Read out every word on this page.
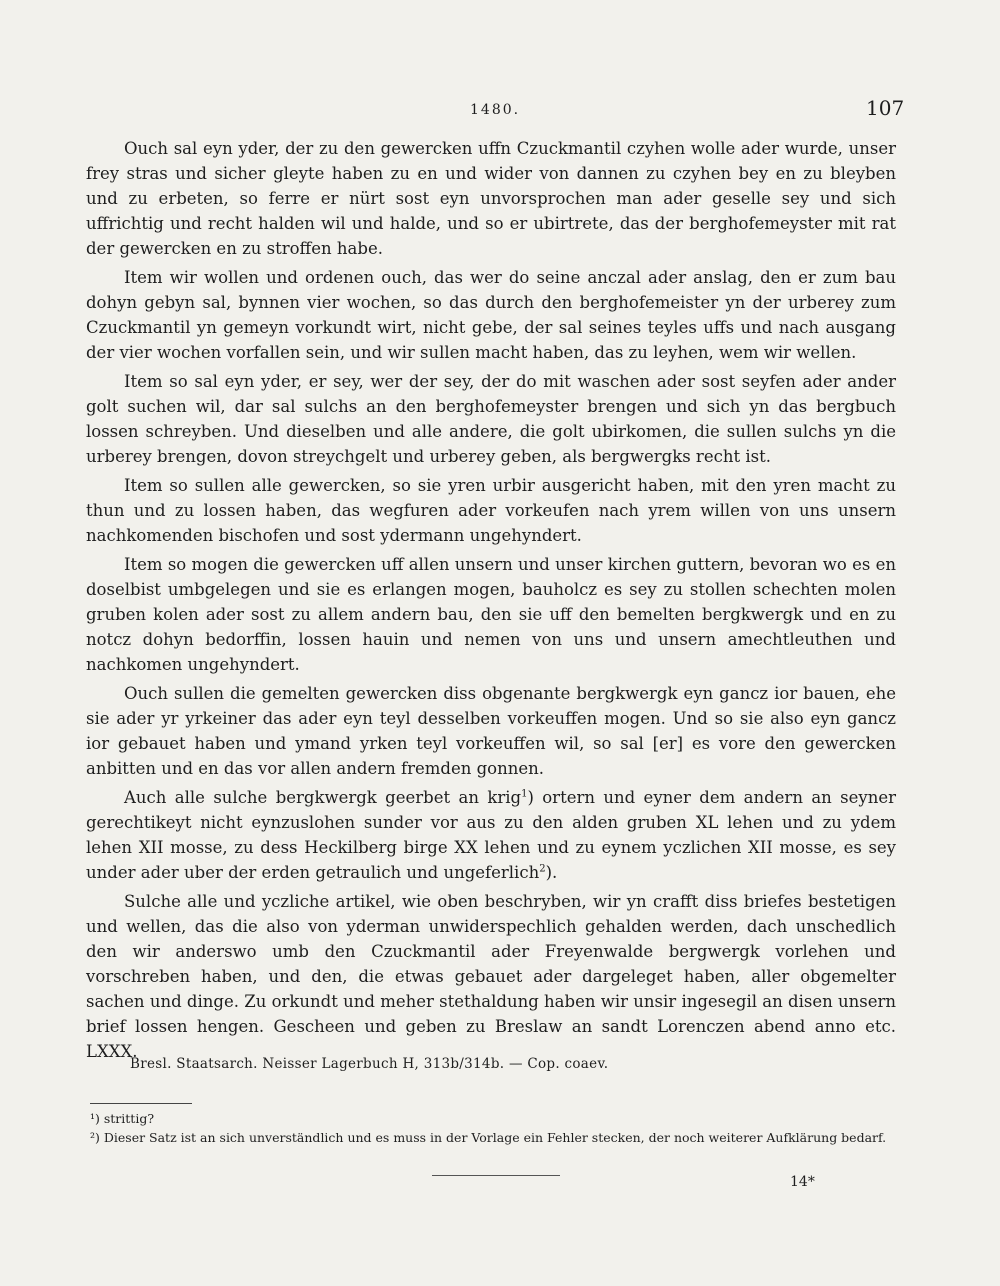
1480.	107

Ouch sal eyn yder, der zu den gewercken uffn Czuckmantil czyhen wolle ader wurde, unser frey stras und sicher gleyte haben zu en und wider von dannen zu czyhen bey en zu bleyben und zu erbeten, so ferre er nürt sost eyn unvorsprochen man ader geselle sey und sich uffrichtig und recht halden wil und halde, und so er ubirtrete, das der berghofemeyster mit rat der gewercken en zu stroffen habe.

Item wir wollen und ordenen ouch, das wer do seine anczal ader anslag, den er zum bau dohyn gebyn sal, bynnen vier wochen, so das durch den berghofemeister yn der urberey zum Czuckmantil yn gemeyn vorkundt wirt, nicht gebe, der sal seines teyles uffs und nach ausgang der vier wochen vorfallen sein, und wir sullen macht haben, das zu leyhen, wem wir wellen.

Item so sal eyn yder, er sey, wer der sey, der do mit waschen ader sost seyfen ader ander golt suchen wil, dar sal sulchs an den berghofemeyster brengen und sich yn das bergbuch lossen schreyben. Und dieselben und alle andere, die golt ubirkomen, die sullen sulchs yn die urberey brengen, dovon streychgelt und urberey geben, als bergwergks recht ist.

Item so sullen alle gewercken, so sie yren urbir ausgericht haben, mit den yren macht zu thun und zu lossen haben, das wegfuren ader vorkeufen nach yrem willen von uns unsern nachkomenden bischofen und sost ydermann ungehyndert.

Item so mogen die gewercken uff allen unsern und unser kirchen guttern, bevoran wo es en doselbist umbgelegen und sie es erlangen mogen, bauholcz es sey zu stollen schechten molen gruben kolen ader sost zu allem andern bau, den sie uff den bemelten bergkwergk und en zu notcz dohyn bedorffin, lossen hauin und nemen von uns und unsern amechtleuthen und nachkomen ungehyndert.

Ouch sullen die gemelten gewercken diss obgenante bergkwergk eyn gancz ior bauen, ehe sie ader yr yrkeiner das ader eyn teyl desselben vorkeuffen mogen. Und so sie also eyn gancz ior gebauet haben und ymand yrken teyl vorkeuffen wil, so sal [er] es vore den gewercken anbitten und en das vor allen andern fremden gonnen.

Auch alle sulche bergkwergk geerbet an krig$^1$) ortern und eyner dem andern an seyner gerechtikeyt nicht eynzuslohen sunder vor aus zu den alden gruben XL lehen und zu ydem lehen XII mosse, zu dess Heckilberg birge XX lehen und zu eynem yczlichen XII mosse, es sey under ader uber der erden getraulich und ungeferlich$^2$).

Sulche alle und yczliche artikel, wie oben beschryben, wir yn crafft diss briefes bestetigen und wellen, das die also von yderman unwiderspechlich gehalden werden, dach unschedlich den wir anderswo umb den Czuckmantil ader Freyenwalde bergwergk vorlehen und vorschreben haben, und den, die etwas gebauet ader dargeleget haben, aller obgemelter sachen und dinge. Zu orkundt und meher stethaldung haben wir unsir ingesegil an disen unsern brief lossen hengen. Gescheen und geben zu Breslaw an sandt Lorenczen abend anno etc. LXXX.

Bresl. Staatsarch. Neisser Lagerbuch H, 313b/314b. — Cop. coaev.
¹) strittig?
²) Dieser Satz ist an sich unverständlich und es muss in der Vorlage ein Fehler stecken, der noch weiterer Aufklärung bedarf.
14*
